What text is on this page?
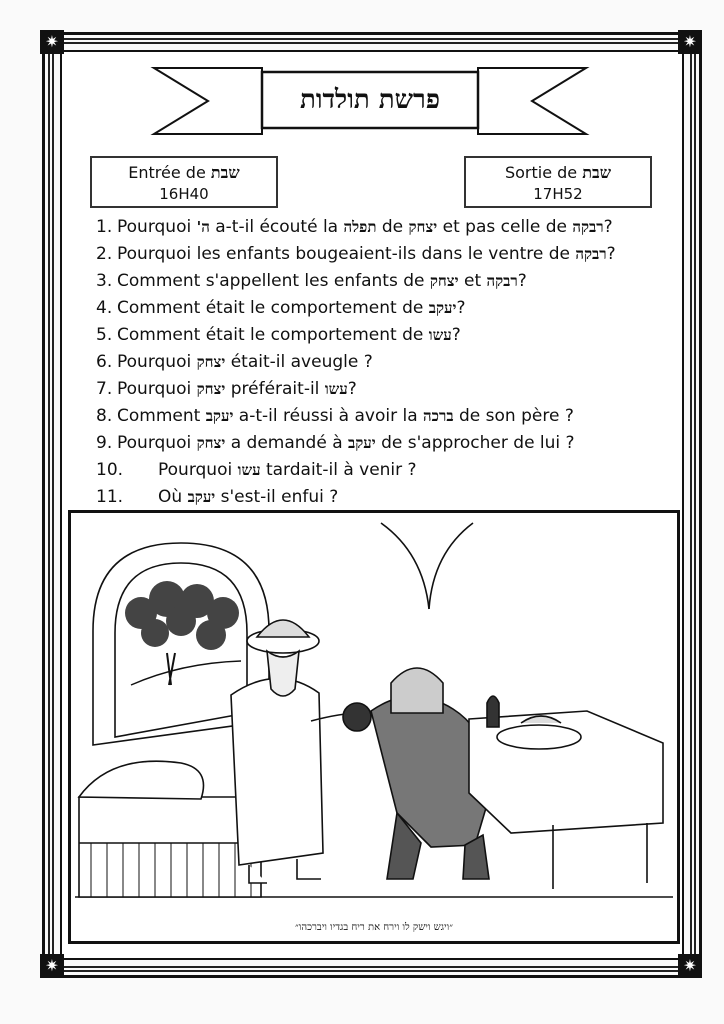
✷	✷
✷	✷
פרשת תולדות
Entrée de שבת
16H40
Sortie de שבת
17H52
1. Pourquoi 'ה a-t-il écouté la תפלה de יצחק et pas celle de רבקה?
2. Pourquoi les enfants bougeaient-ils dans le ventre de רבקה?
3. Comment s'appellent les enfants de יצחק et רבקה?
4. Comment était le comportement de יעקב?
5. Comment était le comportement de עשו?
6. Pourquoi יצחק était-il aveugle ?
7. Pourquoi יצחק préférait-il עשו?
8. Comment יעקב a-t-il réussi à avoir la ברכה de son père ?
9. Pourquoi יצחק a demandé à יעקב de s'approcher de lui ?
10. Pourquoi עשו tardait-il à venir ?
11. Où יעקב s'est-il enfui ?
״ויגש וישק לו וירח את ריח בגדיו ויברכהו״
